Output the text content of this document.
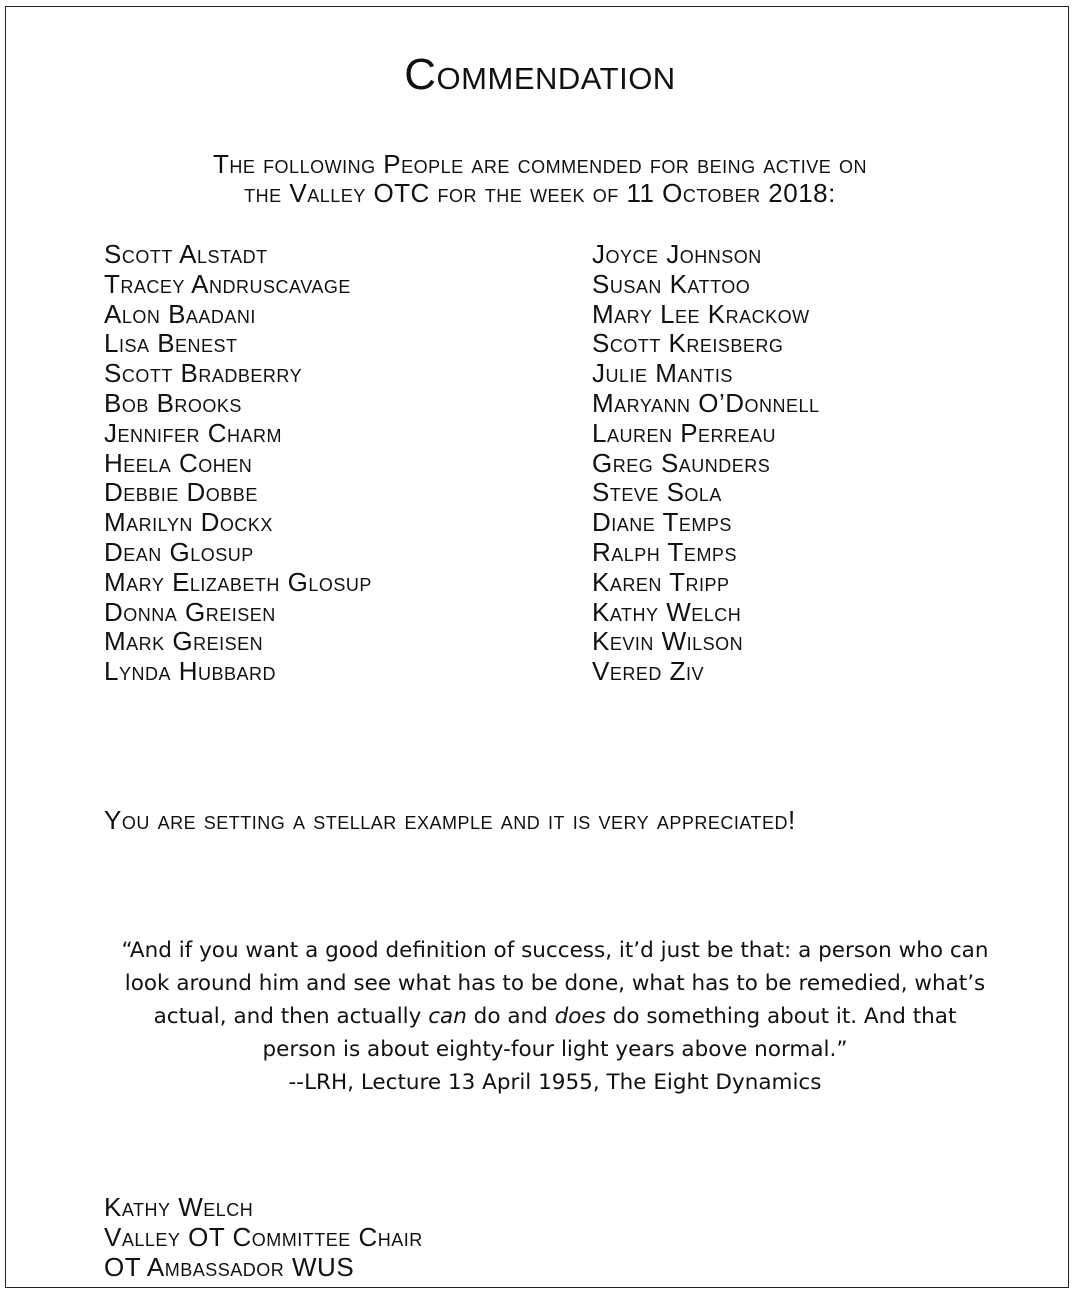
Commendation
The following People are commended for being active on
the Valley OTC for the week of 11 October 2018:
Scott Alstadt
Tracey Andruscavage
Alon Baadani
Lisa Benest
Scott Bradberry
Bob Brooks
Jennifer Charm
Heela Cohen
Debbie Dobbe
Marilyn Dockx
Dean Glosup
Mary Elizabeth Glosup
Donna Greisen
Mark Greisen
Lynda Hubbard
Joyce Johnson
Susan Kattoo
Mary Lee Krackow
Scott Kreisberg
Julie Mantis
Maryann O’Donnell
Lauren Perreau
Greg Saunders
Steve Sola
Diane Temps
Ralph Temps
Karen Tripp
Kathy Welch
Kevin Wilson
Vered Ziv
You are setting a stellar example and it is very appreciated!
“And if you want a good definition of success, it’d just be that: a person who can
look around him and see what has to be done, what has to be remedied, what’s
actual, and then actually can do and does do something about it. And that
person is about eighty-four light years above normal.”
--LRH, Lecture 13 April 1955, The Eight Dynamics
Kathy Welch
Valley OT Committee Chair
OT Ambassador WUS
